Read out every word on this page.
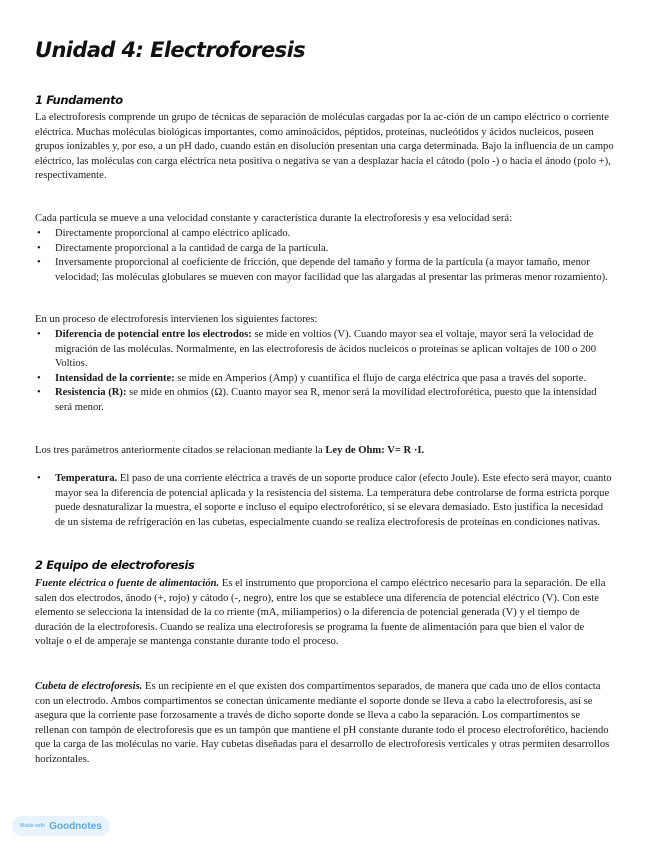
Unidad 4: Electroforesis
1 Fundamento

La electroforesis comprende un grupo de técnicas de separación de moléculas cargadas por la ac-ción de un campo eléctrico o corriente eléctrica. Muchas moléculas biológicas importantes, como aminoácidos, péptidos, proteínas, nucleótidos y ácidos nucleicos, poseen grupos ionizables y, por eso, a un pH dado, cuando están en disolución presentan una carga determinada. Bajo la influencia de un campo eléctrico, las moléculas con carga eléctrica neta positiva o negativa se van a desplazar hacia el cátodo (polo -) o hacia el ánodo (polo +), respectivamente.

Cada partícula se mueve a una velocidad constante y característica durante la electroforesis y esa velocidad será:

• Directamente proporcional al campo eléctrico aplicado.
• Directamente proporcional a la cantidad de carga de la partícula.
• Inversamente proporcional al coeficiente de fricción, que depende del tamaño y forma de la partícula (a mayor tamaño, menor velocidad; las moléculas globulares se mueven con mayor facilidad que las alargadas al presentar las primeras menor rozamiento).

En un proceso de electroforesis intervienen los siguientes factores:

• Diferencia de potencial entre los electrodos: se mide en voltios (V). Cuando mayor sea el voltaje, mayor será la velocidad de migración de las moléculas. Normalmente, en las electroforesis de ácidos nucleicos o proteínas se aplican voltajes de 100 o 200 Voltios.
• Intensidad de la corriente: se mide en Amperios (Amp) y cuantifica el flujo de carga eléctrica que pasa a través del soporte.
• Resistencia (R): se mide en ohmios (Ω). Cuanto mayor sea R, menor será la movilidad electroforética, puesto que la intensidad será menor.

Los tres parámetros anteriormente citados se relacionan mediante la Ley de Ohm: V= R ·I.

• Temperatura. El paso de una corriente eléctrica a través de un soporte produce calor (efecto Joule). Este efecto será mayor, cuanto mayor sea la diferencia de potencial aplicada y la resistencia del sistema. La temperatura debe controlarse de forma estricta porque puede desnaturalizar la muestra, el soporte e incluso el equipo electroforético, si se elevara demasiado. Esto justifica la necesidad de un sistema de refrigeración en las cubetas, especialmente cuando se realiza electroforesis de proteínas en condiciones nativas.
2 Equipo de electroforesis

Fuente eléctrica o fuente de alimentación. Es el instrumento que proporciona el campo eléctrico necesario para la separación. De ella salen dos electrodos, ánodo (+, rojo) y cátodo (-, negro), entre los que se establece una diferencia de potencial eléctrico (V). Con este elemento se selecciona la intensidad de la co rriente (mA, miliamperios) o la diferencia de potencial generada (V) y el tiempo de duración de la electroforesis. Cuando se realiza una electroforesis se programa la fuente de alimentación para que bien el valor de voltaje o el de amperaje se mantenga constante durante todo el proceso.

Cubeta de electroforesis. Es un recipiente en el que existen dos compartimentos separados, de manera que cada uno de ellos contacta con un electrodo. Ambos compartimentos se conectan únicamente mediante el soporte donde se lleva a cabo la electroforesis, así se asegura que la corriente pase forzosamente a través de dicho soporte donde se lleva a cabo la separación. Los compartimentos se rellenan con tampón de electroforesis que es un tampón que mantiene el pH constante durante todo el proceso electroforético, haciendo que la carga de las moléculas no varíe. Hay cubetas diseñadas para el desarrollo de electroforesis verticales y otras permiten desarrollos horizontales.

Made with Goodnotes
